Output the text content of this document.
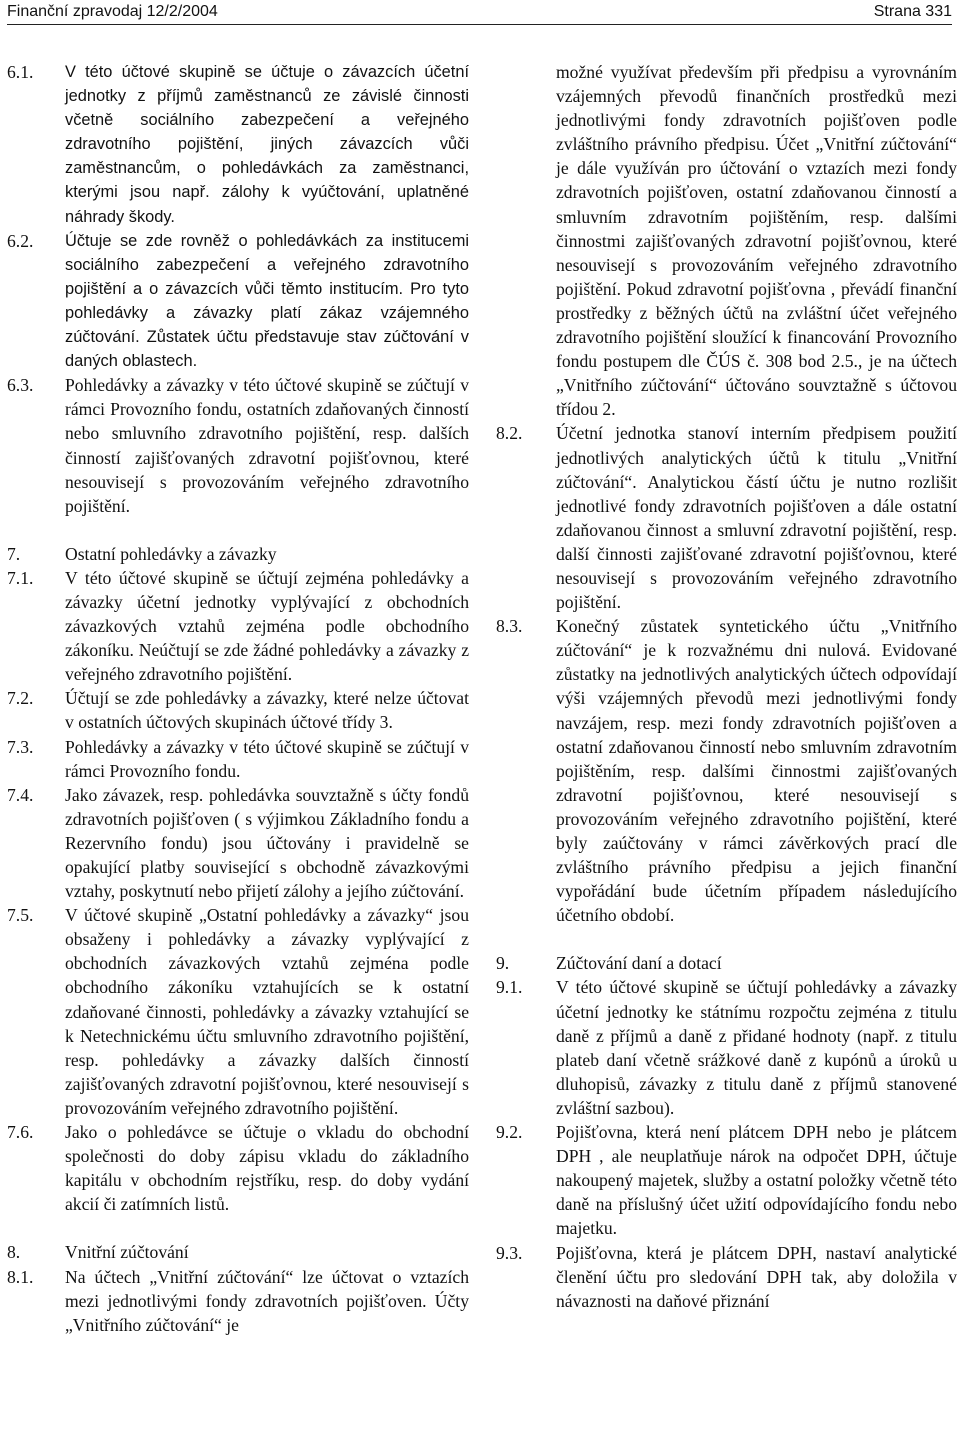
Finanční zpravodaj 12/2/2004	Strana 331
6.1.	V této účtové skupině se účtuje o závazcích účetní jednotky z příjmů zaměstnanců ze závislé činnosti včetně sociálního zabezpečení a veřejného zdravotního pojištění, jiných závazcích vůči zaměstnancům, o pohledávkách za zaměstnanci, kterými jsou např. zálohy k vyúčtování, uplatněné náhrady škody.
6.2.	Účtuje se zde rovněž o pohledávkách za institucemi sociálního zabezpečení a veřejného zdravotního pojištění a o závazcích vůči těmto institucím. Pro tyto pohledávky a závazky platí zákaz vzájemného zúčtování. Zůstatek účtu představuje stav zúčtování v daných oblastech.
6.3.	Pohledávky a závazky v této účtové skupině se zúčtují v rámci Provozního fondu, ostatních zdaňovaných činností nebo smluvního zdravotního pojištění, resp. dalších činností zajišťovaných zdravotní pojišťovnou, které nesouvisejí s provozováním veřejného zdravotního pojištění.
7.	Ostatní pohledávky a závazky
7.1.	V této účtové skupině se účtují zejména pohledávky a závazky účetní jednotky vyplývající z obchodních závazkových vztahů zejména podle obchodního zákoníku. Neúčtují se zde žádné pohledávky a závazky z veřejného zdravotního pojištění.
7.2.	Účtují se zde pohledávky a závazky, které nelze účtovat v ostatních účtových skupinách účtové třídy 3.
7.3.	Pohledávky a závazky v této účtové skupině se zúčtují v rámci Provozního fondu.
7.4.	Jako závazek, resp. pohledávka souvztažně s účty fondů zdravotních pojišťoven ( s výjimkou Základního fondu a Rezervního fondu) jsou účtovány i pravidelně se opakující platby související s obchodně závazkovými vztahy, poskytnutí nebo přijetí zálohy a jejího zúčtování.
7.5.	V účtové skupině „Ostatní pohledávky a závazky“ jsou obsaženy i pohledávky a závazky vyplývající z obchodních závazkových vztahů zejména podle obchodního zákoníku vztahujících se k ostatní zdaňované činnosti, pohledávky a závazky vztahující se k Netechnickému účtu smluvního zdravotního pojištění, resp. pohledávky a závazky dalších činností zajišťovaných zdravotní pojišťovnou, které nesouvisejí s provozováním veřejného zdravotního pojištění.
7.6.	Jako o pohledávce se účtuje o vkladu do obchodní společnosti do doby zápisu vkladu do základního kapitálu v obchodním rejstříku, resp. do doby vydání akcií či zatímních listů.
8.	Vnitřní zúčtování
8.1.	Na účtech „Vnitřní zúčtování“ lze účtovat o vztazích mezi jednotlivými fondy zdravotních pojišťoven. Účty „Vnitřního zúčtování“ je
možné využívat především při předpisu a vyrovnáním vzájemných převodů finančních prostředků mezi jednotlivými fondy zdravotních pojišťoven podle zvláštního právního předpisu. Účet „Vnitřní zúčtování“ je dále využíván pro účtování o vztazích mezi fondy zdravotních pojišťoven, ostatní zdaňovanou činností a smluvním zdravotním pojištěním, resp. dalšími činnostmi zajišťovaných zdravotní pojišťovnou, které nesouvisejí s provozováním veřejného zdravotního pojištění. Pokud zdravotní pojišťovna , převádí finanční prostředky z běžných účtů na zvláštní účet veřejného zdravotního pojištění sloužící k financování Provozního fondu postupem dle ČÚS č. 308 bod 2.5., je na účtech „Vnitřního zúčtování“ účtováno souvztažně s účtovou třídou 2.
8.2.	Účetní jednotka stanoví interním předpisem použití jednotlivých analytických účtů k titulu „Vnitřní zúčtování“. Analytickou částí účtu je nutno rozlišit jednotlivé fondy zdravotních pojišťoven a dále ostatní zdaňovanou činnost a smluvní zdravotní pojištění, resp. další činnosti zajišťované zdravotní pojišťovnou, které nesouvisejí s provozováním veřejného zdravotního pojištění.
8.3.	Konečný zůstatek syntetického účtu „Vnitřního zúčtování“ je k rozvažnému dni nulová. Evidované zůstatky na jednotlivých analytických účtech odpovídají výši vzájemných převodů mezi jednotlivými fondy navzájem, resp. mezi fondy zdravotních pojišťoven a ostatní zdaňovanou činností nebo smluvním zdravotním pojištěním, resp. dalšími činnostmi zajišťovaných zdravotní pojišťovnou, které nesouvisejí s provozováním veřejného zdravotního pojištění, které byly zaúčtovány v rámci závěrkových prací dle zvláštního právního předpisu a jejich finanční vypořádání bude účetním případem následujícího účetního období.
9.	Zúčtování daní a dotací
9.1.	V této účtové skupině se účtují pohledávky a závazky účetní jednotky ke státnímu rozpočtu zejména z titulu daně z příjmů a daně z přidané hodnoty (např. z titulu plateb daní včetně srážkové daně z kupónů a úroků u dluhopisů, závazky z titulu daně z příjmů stanovené zvláštní sazbou).
9.2.	Pojišťovna, která není plátcem DPH nebo je plátcem DPH , ale neuplatňuje nárok na odpočet DPH, účtuje nakoupený majetek, služby a ostatní položky včetně této daně na příslušný účet užití odpovídajícího fondu nebo majetku.
9.3.	Pojišťovna, která je plátcem DPH, nastaví analytické členění účtu pro sledování DPH tak, aby doložila v návaznosti na daňové přiznání
